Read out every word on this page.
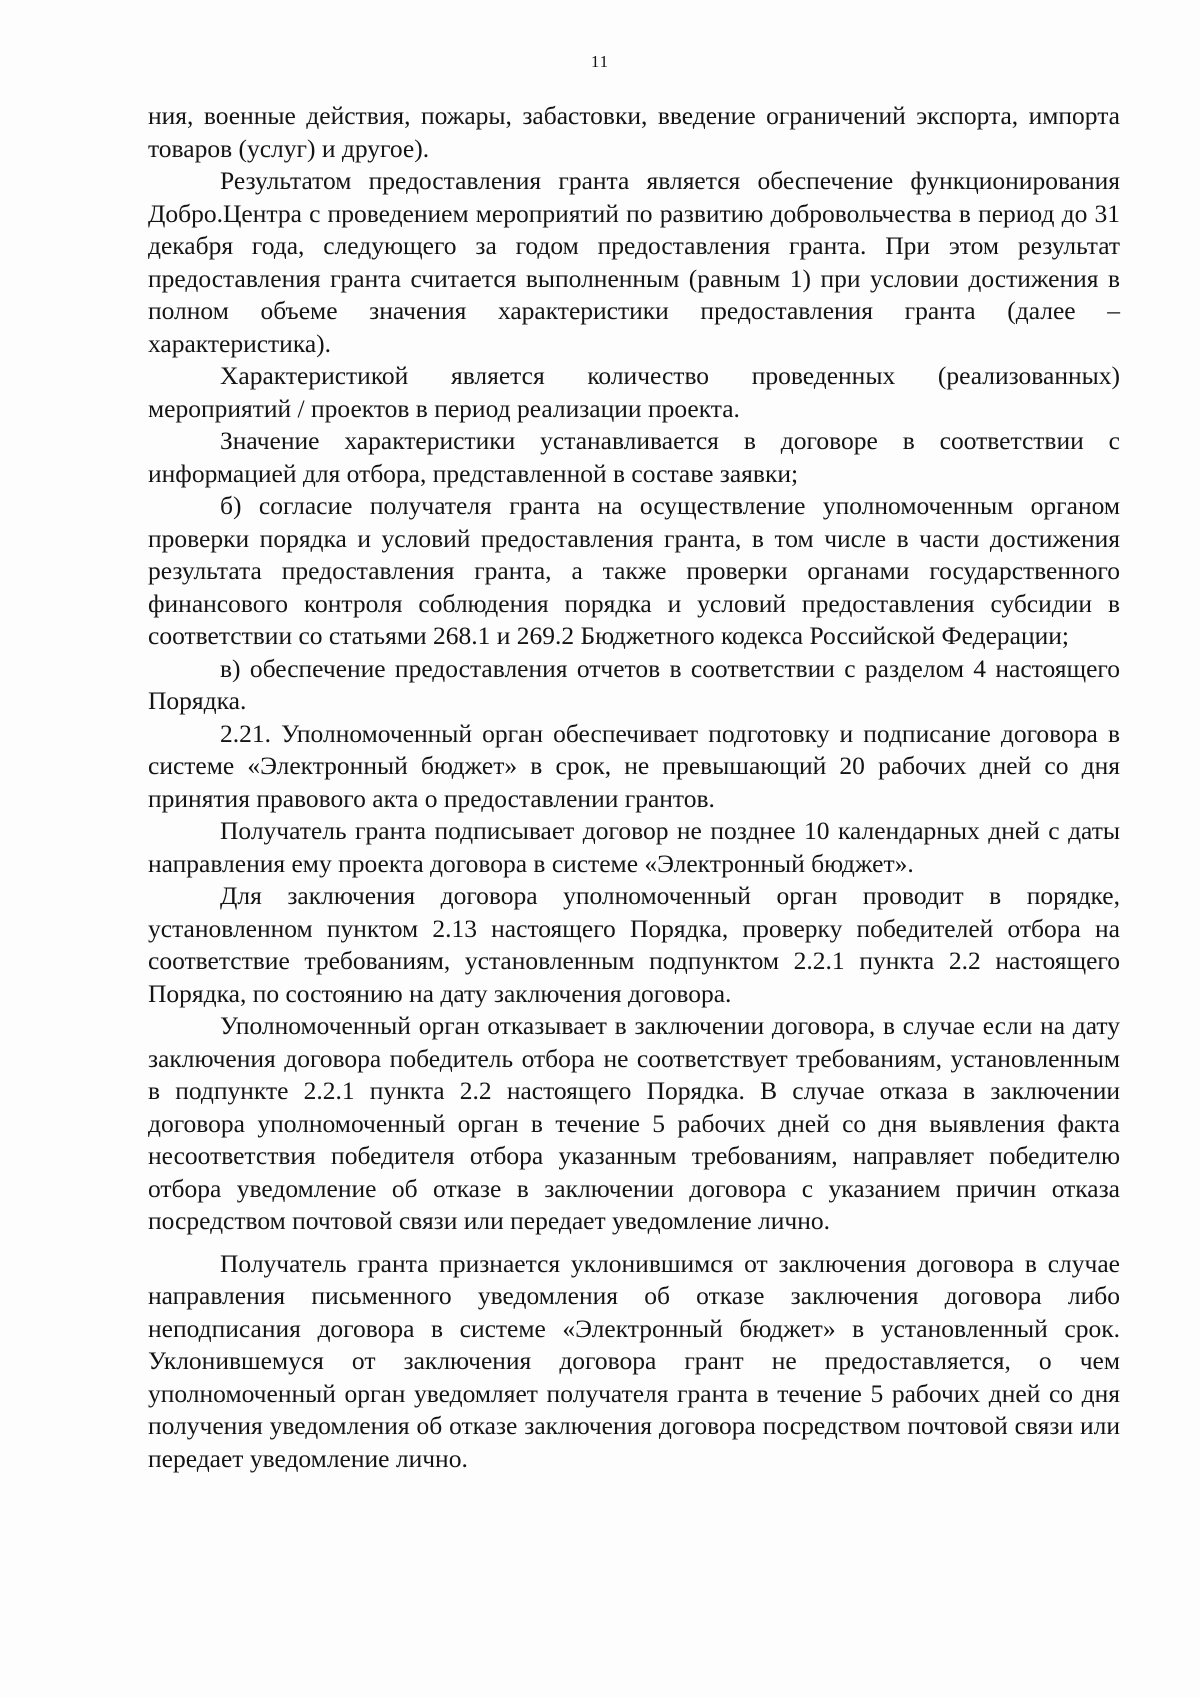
11

ния, военные действия, пожары, забастовки, введение ограничений экспорта, импорта товаров (услуг) и другое).

Результатом предоставления гранта является обеспечение функционирования Добро.Центра с проведением мероприятий по развитию добровольчества в период до 31 декабря года, следующего за годом предоставления гранта. При этом результат предоставления гранта считается выполненным (равным 1) при условии достижения в полном объеме значения характеристики предоставления гранта (далее – характеристика).

Характеристикой является количество проведенных (реализованных) мероприятий / проектов в период реализации проекта.

Значение характеристики устанавливается в договоре в соответствии с информацией для отбора, представленной в составе заявки;

б) согласие получателя гранта на осуществление уполномоченным органом проверки порядка и условий предоставления гранта, в том числе в части достижения результата предоставления гранта, а также проверки органами государственного финансового контроля соблюдения порядка и условий предоставления субсидии в соответствии со статьями 268.1 и 269.2 Бюджетного кодекса Российской Федерации;

в) обеспечение предоставления отчетов в соответствии с разделом 4 настоящего Порядка.

2.21. Уполномоченный орган обеспечивает подготовку и подписание договора в системе «Электронный бюджет» в срок, не превышающий 20 рабочих дней со дня принятия правового акта о предоставлении грантов.

Получатель гранта подписывает договор не позднее 10 календарных дней с даты направления ему проекта договора в системе «Электронный бюджет».

Для заключения договора уполномоченный орган проводит в порядке, установленном пунктом 2.13 настоящего Порядка, проверку победителей отбора на соответствие требованиям, установленным подпунктом 2.2.1 пункта 2.2 настоящего Порядка, по состоянию на дату заключения договора.

Уполномоченный орган отказывает в заключении договора, в случае если на дату заключения договора победитель отбора не соответствует требованиям, установленным в подпункте 2.2.1 пункта 2.2 настоящего Порядка. В случае отказа в заключении договора уполномоченный орган в течение 5 рабочих дней со дня выявления факта несоответствия победителя отбора указанным требованиям, направляет победителю отбора уведомление об отказе в заключении договора с указанием причин отказа посредством почтовой связи или передает уведомление лично.

Получатель гранта признается уклонившимся от заключения договора в случае направления письменного уведомления об отказе заключения договора либо неподписания договора в системе «Электронный бюджет» в установленный срок. Уклонившемуся от заключения договора грант не предоставляется, о чем уполномоченный орган уведомляет получателя гранта в течение 5 рабочих дней со дня получения уведомления об отказе заключения договора посредством почтовой связи или передает уведомление лично.
